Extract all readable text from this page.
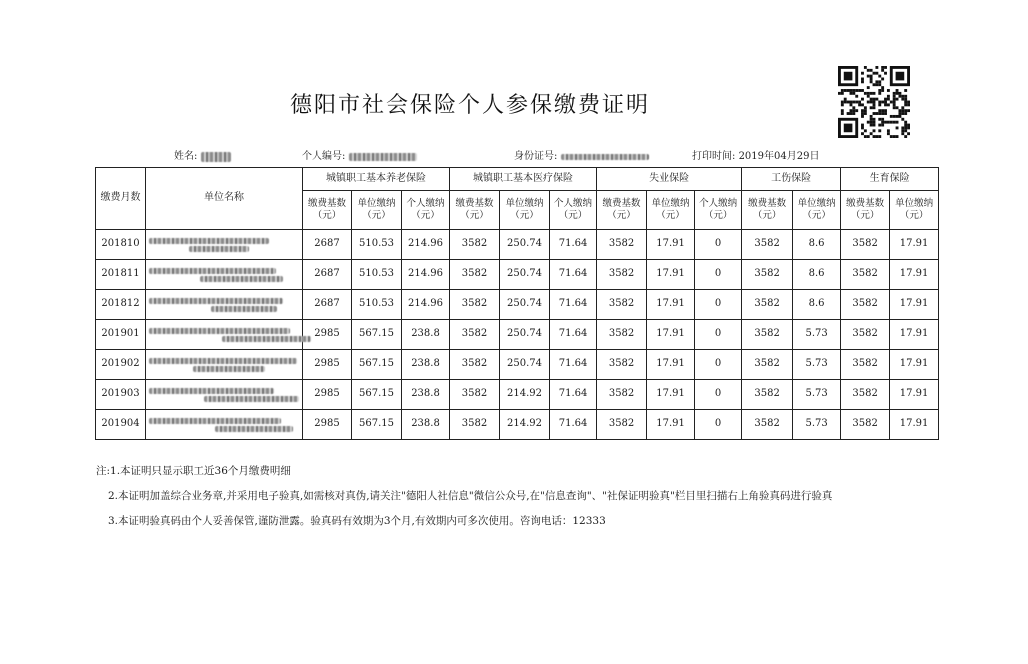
德阳市社会保险个人参保缴费证明
姓名:	个人编号:	身份证号:	打印时间: 2019年04月29日
缴费月数	单位名称	城镇职工基本养老保险			城镇职工基本医疗保险			失业保险			工伤保险		生育保险	
		缴费基数（元）	单位缴纳（元）	个人缴纳（元）	缴费基数（元）	单位缴纳（元）	个人缴纳（元）	缴费基数（元）	单位缴纳（元）	个人缴纳（元）	缴费基数（元）	单位缴纳（元）	缴费基数（元）	单位缴纳（元）
201810		2687	510.53	214.96	3582	250.74	71.64	3582	17.91	0	3582	8.6	3582	17.91
201811		2687	510.53	214.96	3582	250.74	71.64	3582	17.91	0	3582	8.6	3582	17.91
201812		2687	510.53	214.96	3582	250.74	71.64	3582	17.91	0	3582	8.6	3582	17.91
201901		2985	567.15	238.8	3582	250.74	71.64	3582	17.91	0	3582	5.73	3582	17.91
201902		2985	567.15	238.8	3582	250.74	71.64	3582	17.91	0	3582	5.73	3582	17.91
201903		2985	567.15	238.8	3582	214.92	71.64	3582	17.91	0	3582	5.73	3582	17.91
201904		2985	567.15	238.8	3582	214.92	71.64	3582	17.91	0	3582	5.73	3582	17.91
注:1.本证明只显示职工近36个月缴费明细
2.本证明加盖综合业务章,并采用电子验真,如需核对真伪,请关注"德阳人社信息"微信公众号,在"信息查询"、"社保证明验真"栏目里扫描右上角验真码进行验真
3.本证明验真码由个人妥善保管,谨防泄露。验真码有效期为3个月,有效期内可多次使用。咨询电话：12333
